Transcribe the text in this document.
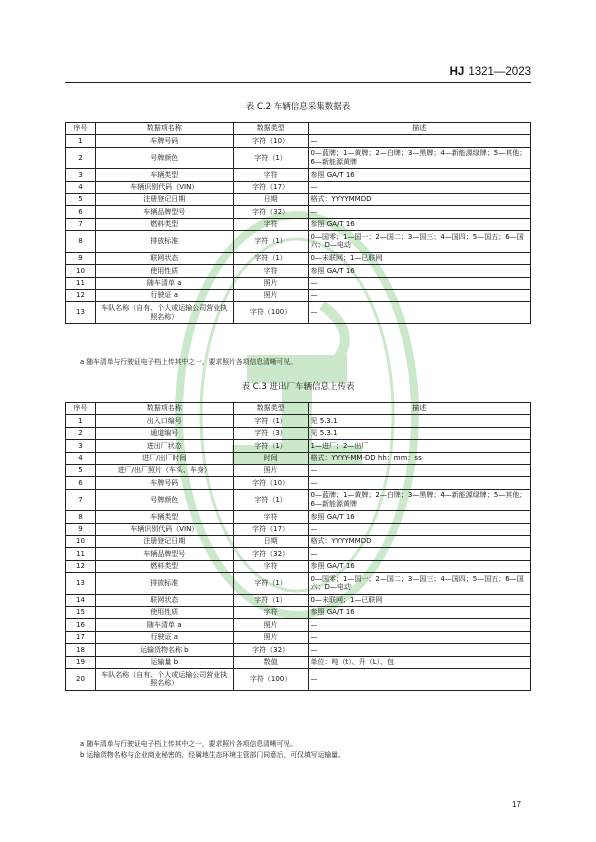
HJ 1321—2023
表 C.2 车辆信息采集数据表
序号	数据项名称	数据类型	描述
1	车牌号码	字符（10）	—
2	号牌颜色	字符（1）	0—蓝牌；1—黄牌；2—白牌；3—黑牌；4—新能源绿牌；5—其他；6—新能源黄牌
3	车辆类型	字符	参照 GA/T 16
4	车辆识别代码（VIN）	字符（17）	—
5	注册登记日期	日期	格式：YYYYMMDD
6	车辆品牌型号	字符（32）	—
7	燃料类型	字符	参照 GA/T 16
8	排放标准	字符（1）	0—国零；1—国一；2—国二；3—国三；4—国四；5—国五；6—国六；D—电动
9	联网状态	字符（1）	0—未联网；1—已联网
10	使用性质	字符	参照 GA/T 16
11	随车清单 a	照片	—
12	行驶证 a	照片	—
13	车队名称（自有、个人或运输公司营业执照名称）	字符（100）	—
a 随车清单与行驶证电子档上传其中之一，要求照片各项信息清晰可见。
表 C.3 进出厂车辆信息上传表
序号	数据项名称	数据类型	描述
1	出入口编号	字符（1）	见 5.3.1
2	通道编号	字符（3）	见 5.3.1
3	进出厂状态	字符（1）	1—进厂；2—出厂
4	进厂/出厂时间	时间	格式：YYYY-MM-DD hh：mm：ss
5	进厂/出厂照片（车头、车身）	照片	—
6	车牌号码	字符（10）	—
7	号牌颜色	字符（1）	0—蓝牌；1—黄牌；2—白牌；3—黑牌；4—新能源绿牌；5—其他；6—新能源黄牌
8	车辆类型	字符	参照 GA/T 16
9	车辆识别代码（VIN）	字符（17）	—
10	注册登记日期	日期	格式：YYYYMMDD
11	车辆品牌型号	字符（32）	—
12	燃料类型	字符	参照 GA/T 16
13	排放标准	字符（1）	0—国零；1—国一；2—国二；3—国三；4—国四；5—国五；6—国六；D—电动
14	联网状态	字符（1）	0—未联网；1—已联网
15	使用性质	字符	参照 GA/T 16
16	随车清单 a	照片	—
17	行驶证 a	照片	—
18	运输货物名称 b	字符（32）	—
19	运输量 b	数值	单位：吨（t）、升（L）、包
20	车队名称（自有、个人或运输公司营业执照名称）	字符（100）	—
a 随车清单与行驶证电子档上传其中之一，要求照片各项信息清晰可见。
b 运输货物名称与企业商业秘密的，经属地生态环境主管部门同意后，可仅填写运输量。
17
